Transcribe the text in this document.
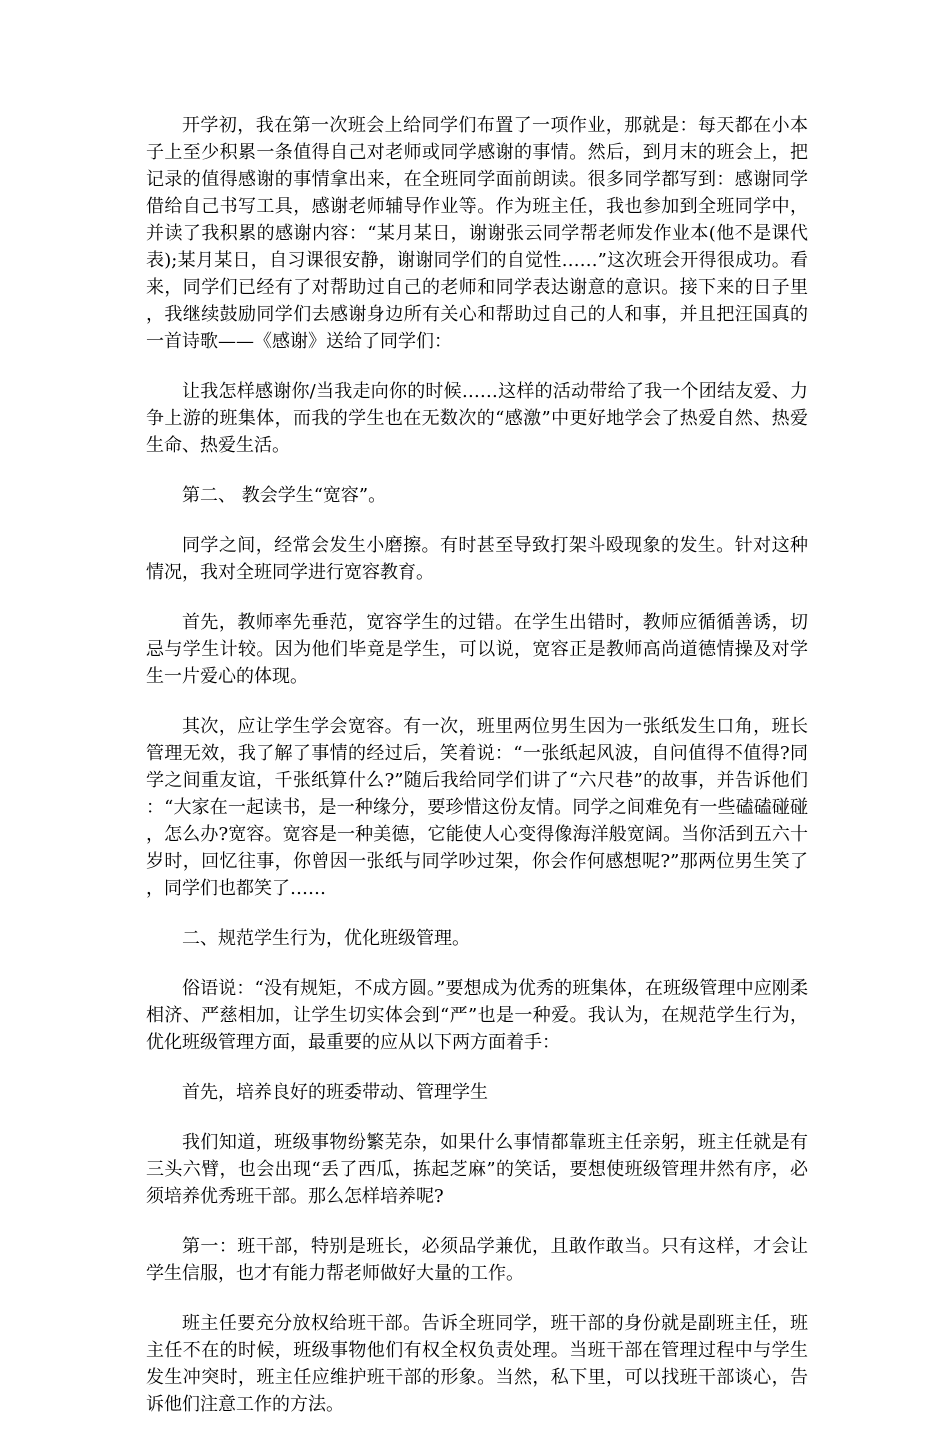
开学初，我在第一次班会上给同学们布置了一项作业，那就是：每天都在小本子上至少积累一条值得自己对老师或同学感谢的事情。然后，到月末的班会上，把记录的值得感谢的事情拿出来，在全班同学面前朗读。很多同学都写到：感谢同学借给自己书写工具，感谢老师辅导作业等。作为班主任，我也参加到全班同学中，并读了我积累的感谢内容：“某月某日，谢谢张云同学帮老师发作业本(他不是课代表);某月某日，自习课很安静，谢谢同学们的自觉性……”这次班会开得很成功。看来，同学们已经有了对帮助过自己的老师和同学表达谢意的意识。接下来的日子里，我继续鼓励同学们去感谢身边所有关心和帮助过自己的人和事，并且把汪国真的一首诗歌——《感谢》送给了同学们：

让我怎样感谢你/当我走向你的时候……这样的活动带给了我一个团结友爱、力争上游的班集体，而我的学生也在无数次的“感激”中更好地学会了热爱自然、热爱生命、热爱生活。

第二、 教会学生“宽容”。

同学之间，经常会发生小磨擦。有时甚至导致打架斗殴现象的发生。针对这种情况，我对全班同学进行宽容教育。

首先，教师率先垂范，宽容学生的过错。在学生出错时，教师应循循善诱，切忌与学生计较。因为他们毕竟是学生，可以说，宽容正是教师高尚道德情操及对学生一片爱心的体现。

其次，应让学生学会宽容。有一次，班里两位男生因为一张纸发生口角，班长管理无效，我了解了事情的经过后，笑着说：“一张纸起风波，自问值得不值得?同学之间重友谊，千张纸算什么?”随后我给同学们讲了“六尺巷”的故事，并告诉他们：“大家在一起读书，是一种缘分，要珍惜这份友情。同学之间难免有一些磕磕碰碰，怎么办?宽容。宽容是一种美德，它能使人心变得像海洋般宽阔。当你活到五六十岁时，回忆往事，你曾因一张纸与同学吵过架，你会作何感想呢?”那两位男生笑了，同学们也都笑了……

二、规范学生行为，优化班级管理。

俗语说：“没有规矩，不成方圆。”要想成为优秀的班集体，在班级管理中应刚柔相济、严慈相加，让学生切实体会到“严”也是一种爱。我认为，在规范学生行为，优化班级管理方面，最重要的应从以下两方面着手：

首先，培养良好的班委带动、管理学生

我们知道，班级事物纷繁芜杂，如果什么事情都靠班主任亲躬，班主任就是有三头六臂，也会出现“丢了西瓜，拣起芝麻”的笑话，要想使班级管理井然有序，必须培养优秀班干部。那么怎样培养呢?

第一：班干部，特别是班长，必须品学兼优，且敢作敢当。只有这样，才会让学生信服，也才有能力帮老师做好大量的工作。

班主任要充分放权给班干部。告诉全班同学，班干部的身份就是副班主任，班主任不在的时候，班级事物他们有权全权负责处理。当班干部在管理过程中与学生发生冲突时，班主任应维护班干部的形象。当然，私下里，可以找班干部谈心，告诉他们注意工作的方法。
